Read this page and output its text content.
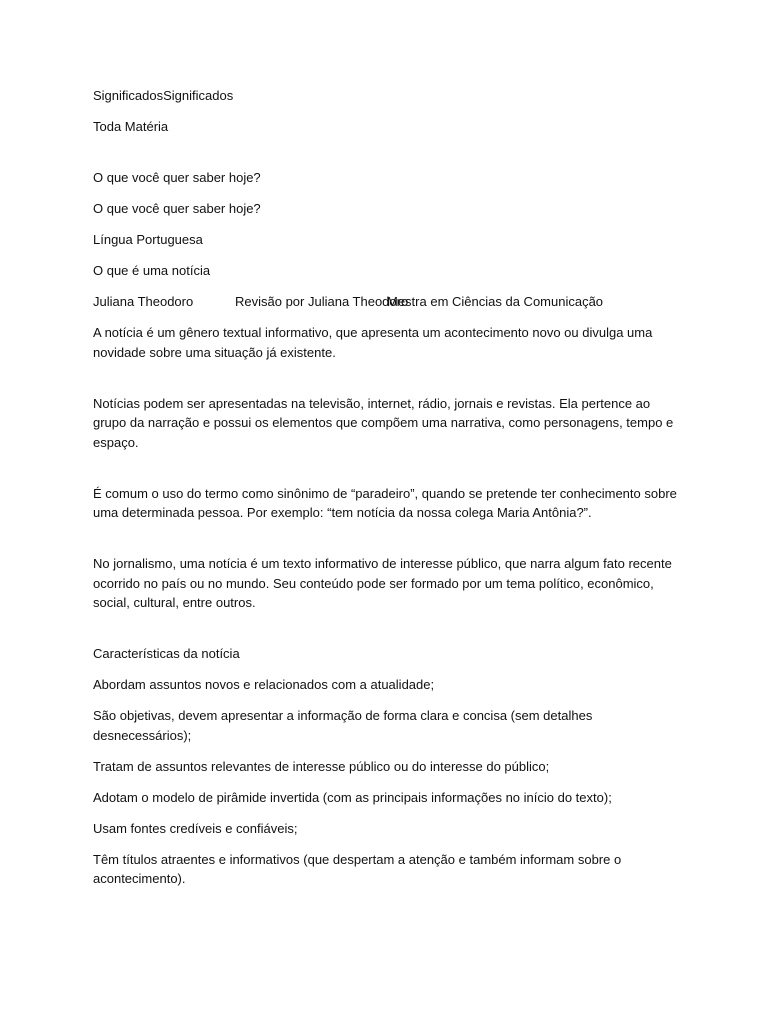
SignificadosSignificados

Toda Matéria

O que você quer saber hoje?

O que você quer saber hoje?

Língua Portuguesa

O que é uma notícia

Juliana Theodoro	Revisão por Juliana Theodoro
Mestra em Ciências da Comunicação

A notícia é um gênero textual informativo, que apresenta um acontecimento novo ou divulga uma novidade sobre uma situação já existente.

Notícias podem ser apresentadas na televisão, internet, rádio, jornais e revistas. Ela pertence ao grupo da narração e possui os elementos que compõem uma narrativa, como personagens, tempo e espaço.

É comum o uso do termo como sinônimo de “paradeiro”, quando se pretende ter conhecimento sobre uma determinada pessoa. Por exemplo: “tem notícia da nossa colega Maria Antônia?”.

No jornalismo, uma notícia é um texto informativo de interesse público, que narra algum fato recente ocorrido no país ou no mundo. Seu conteúdo pode ser formado por um tema político, econômico, social, cultural, entre outros.

Características da notícia

Abordam assuntos novos e relacionados com a atualidade;

São objetivas, devem apresentar a informação de forma clara e concisa (sem detalhes desnecessários);

Tratam de assuntos relevantes de interesse público ou do interesse do público;

Adotam o modelo de pirâmide invertida (com as principais informações no início do texto);

Usam fontes credíveis e confiáveis;

Têm títulos atraentes e informativos (que despertam a atenção e também informam sobre o acontecimento).
